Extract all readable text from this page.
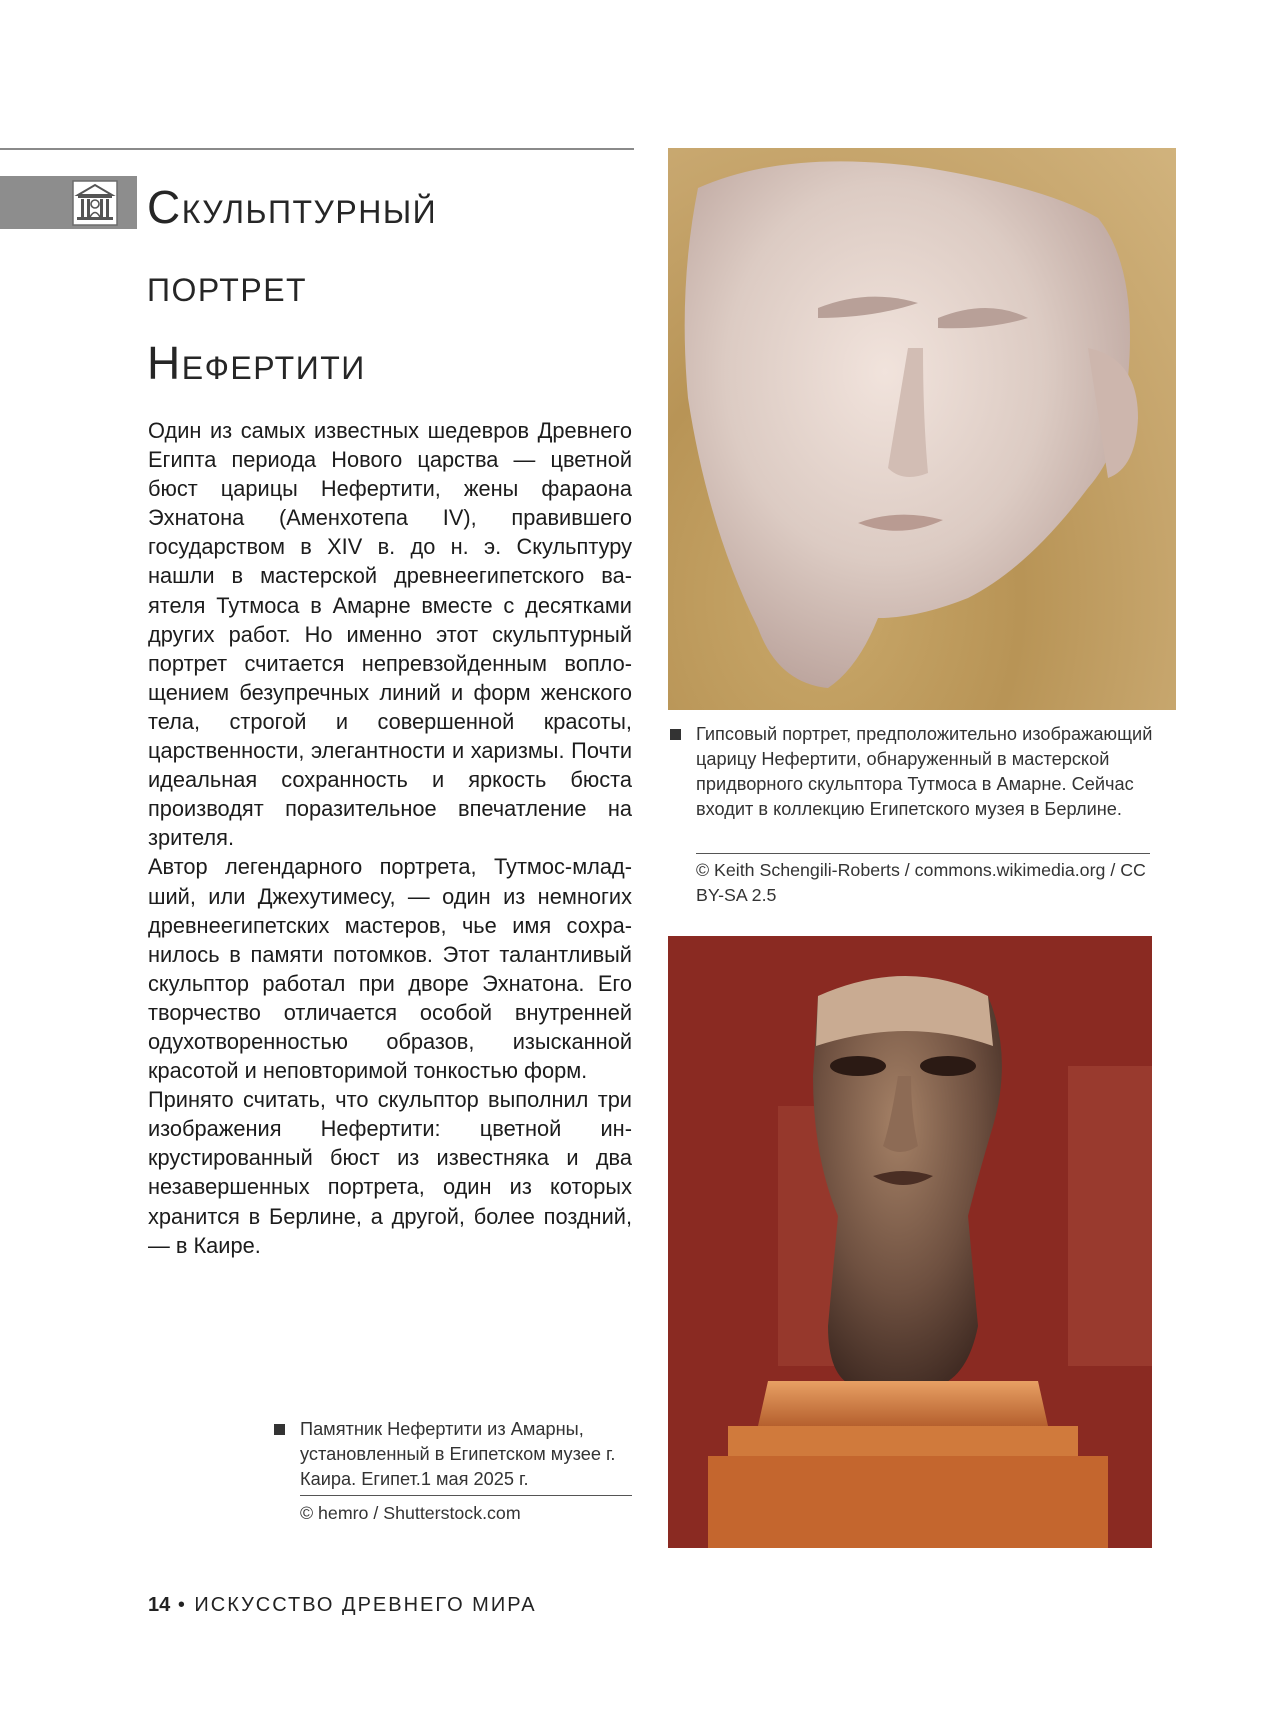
Скульптурный
портрет
Нефертити

Один из самых известных шедевров Древнего Египта периода Нового царства — цветной бюст царицы Нефертити, жены фараона Эхнатона (Аменхотепа IV), правившего государством в XIV в. до н. э. Скульптуру нашли в мастерской древнеегипетского ваятеля Тутмоса в Амарне вместе с десятками других работ. Но именно этот скульптурный портрет считается непревзойденным воплощением безупречных линий и форм женского тела, строгой и совершенной красоты, царственности, элегантности и харизмы. Почти идеальная сохранность и яркость бюста производят поразительное впечатление на зрителя.

Автор легендарного портрета, Тутмос-младший, или Джехутимесу, — один из немногих древнеегипетских мастеров, чье имя сохранилось в памяти потомков. Этот талантливый скульптор работал при дворе Эхнатона. Его творчество отличается особой внутренней одухотворенностью образов, изысканной красотой и неповторимой тонкостью форм.

Принято считать, что скульптор выполнил три изображения Нефертити: цветной инкрустированный бюст из известняка и два незавершенных портрета, один из которых хранится в Берлине, а другой, более поздний, — в Каире.

Гипсовый портрет, предположительно изображающий царицу Нефертити, обнаруженный в мастерской придворного скульптора Тутмоса в Амарне. Сейчас входит в коллекцию Египетского музея в Берлине.
© Keith Schengili-Roberts / commons.wikimedia.org / CC BY-SA 2.5
Памятник Нефертити из Амарны, установленный в Египетском музее г. Каира. Египет.1 мая 2025 г.
© hemro / Shutterstock.com
14 • ИСКУССТВО ДРЕВНЕГО МИРА
